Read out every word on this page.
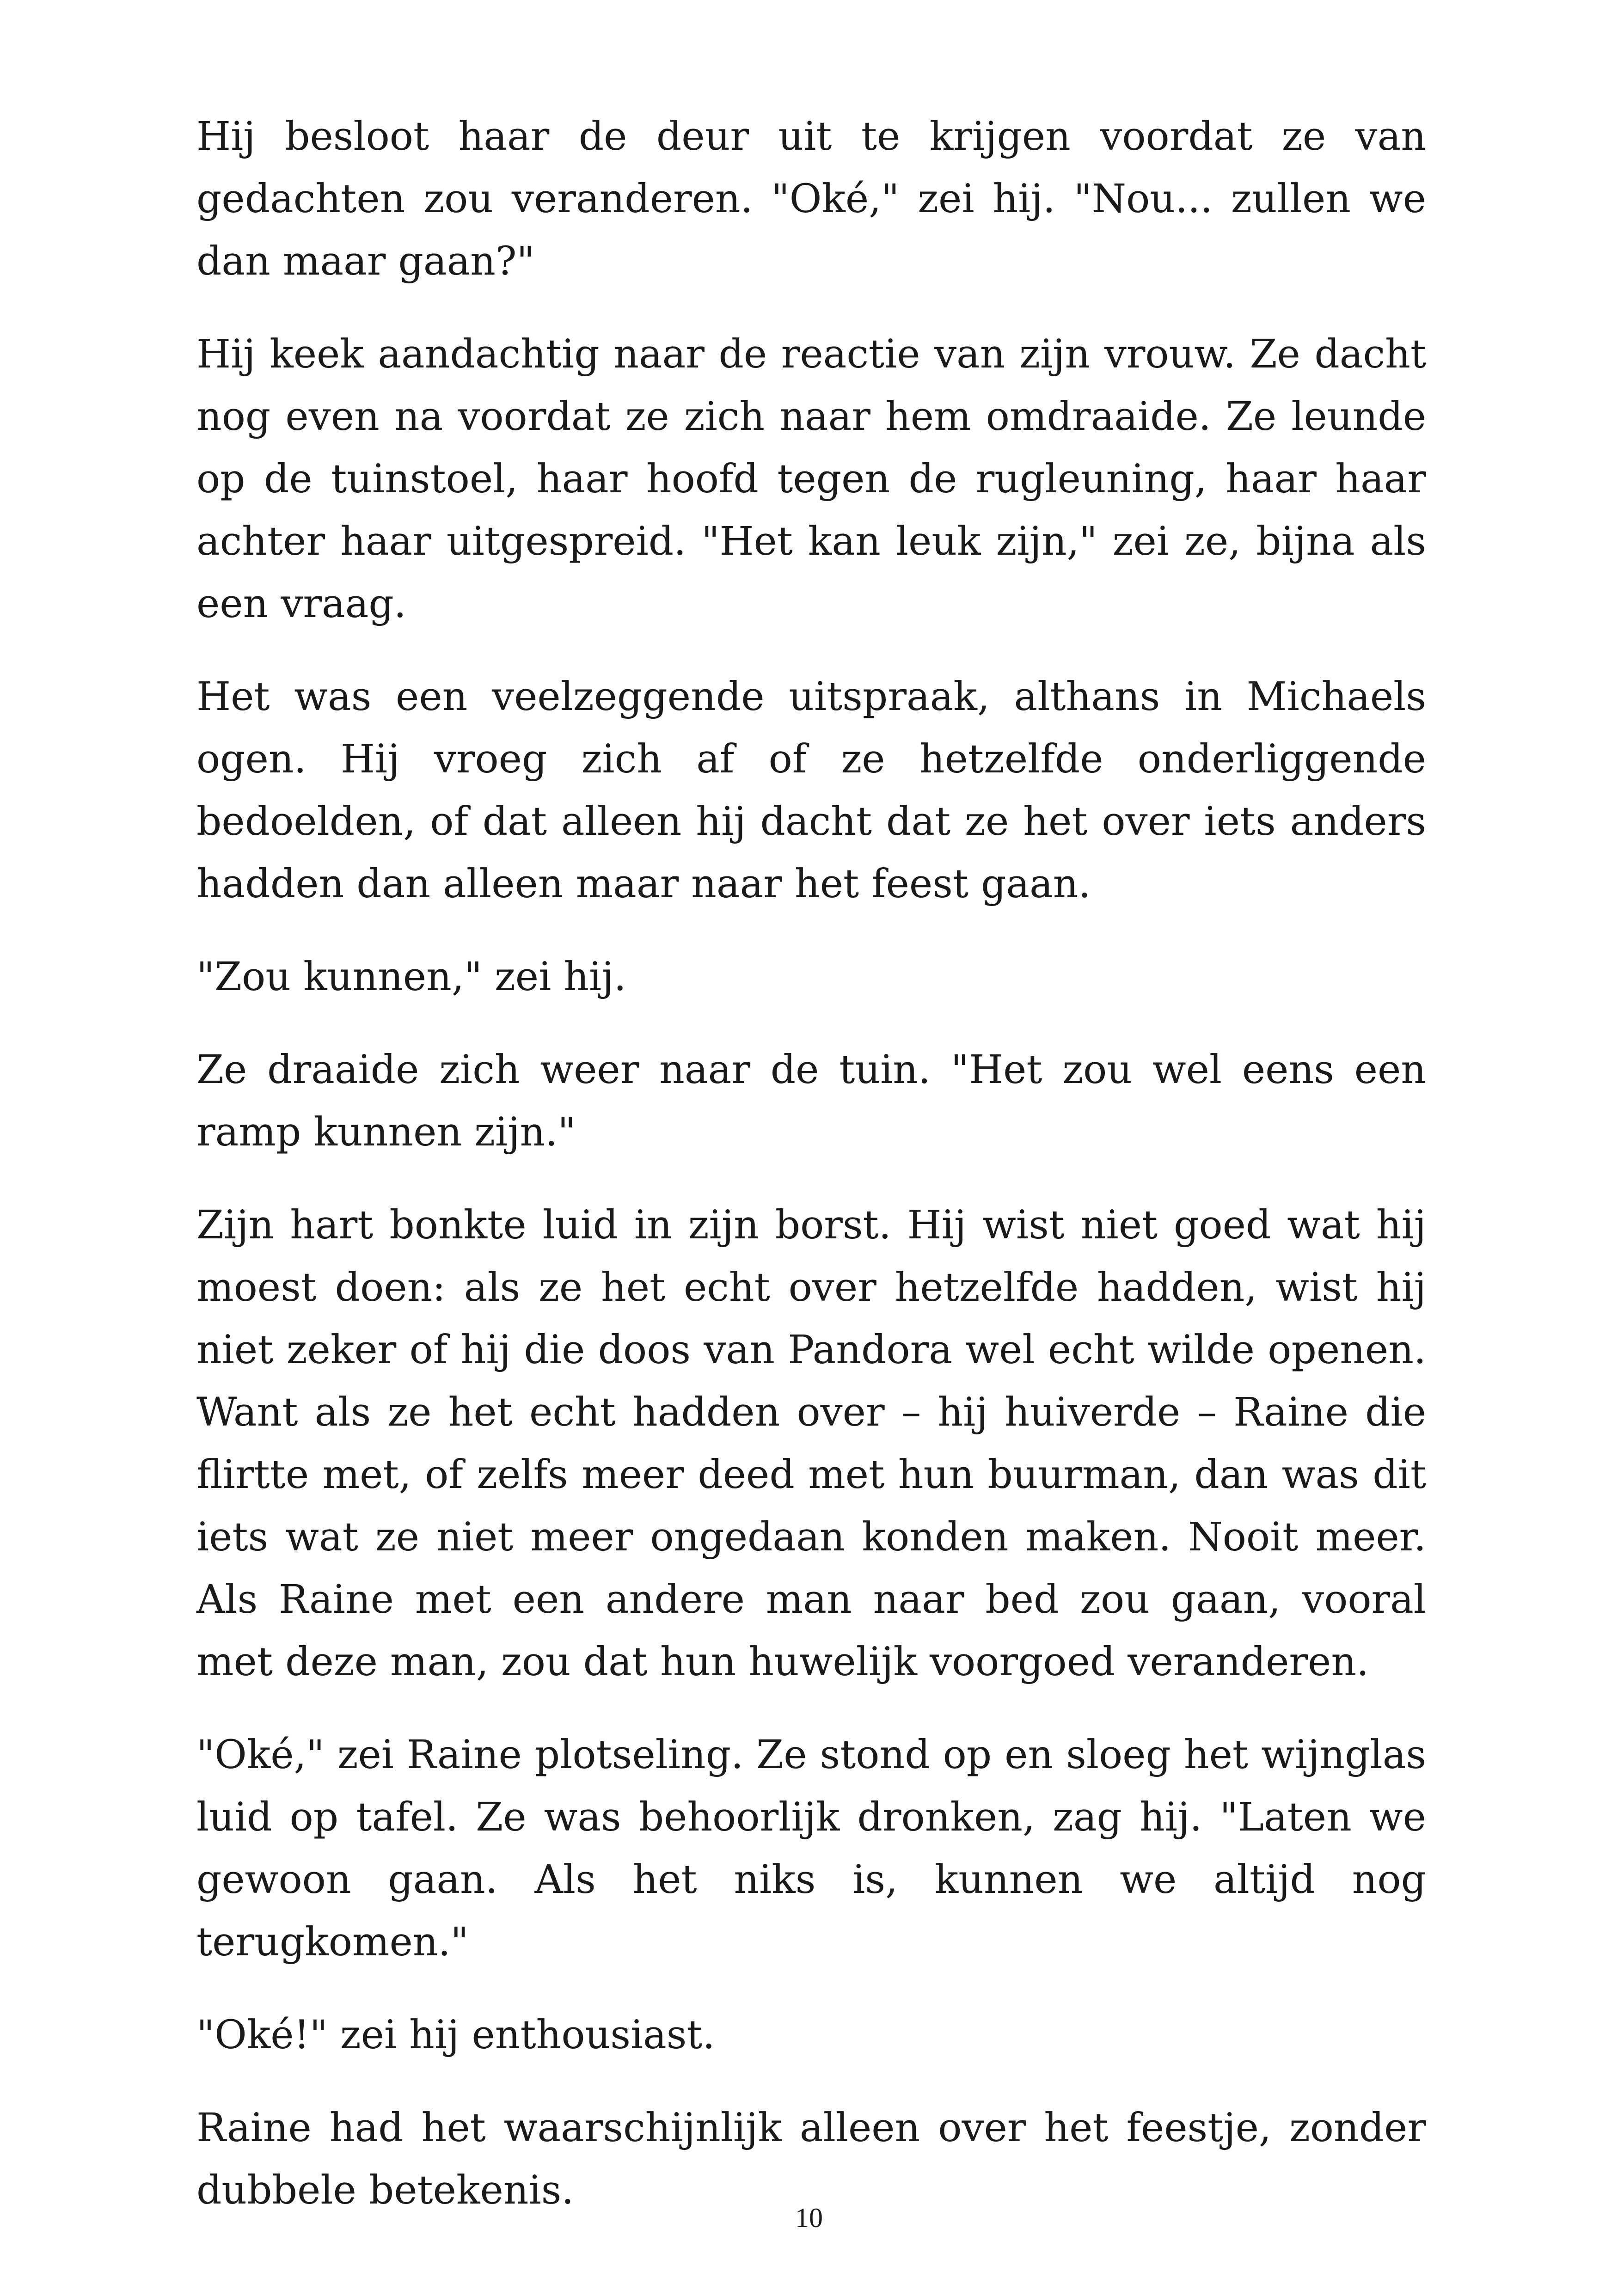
Hij besloot haar de deur uit te krijgen voordat ze van gedachten zou veranderen. "Oké," zei hij. "Nou... zullen we dan maar gaan?"

Hij keek aandachtig naar de reactie van zijn vrouw. Ze dacht nog even na voordat ze zich naar hem omdraaide. Ze leunde op de tuinstoel, haar hoofd tegen de rugleuning, haar haar achter haar uitgespreid. "Het kan leuk zijn," zei ze, bijna als een vraag.

Het was een veelzeggende uitspraak, althans in Michaels ogen. Hij vroeg zich af of ze hetzelfde onderliggende bedoelden, of dat alleen hij dacht dat ze het over iets anders hadden dan alleen maar naar het feest gaan.

"Zou kunnen," zei hij.

Ze draaide zich weer naar de tuin. "Het zou wel eens een ramp kunnen zijn."

Zijn hart bonkte luid in zijn borst. Hij wist niet goed wat hij moest doen: als ze het echt over hetzelfde hadden, wist hij niet zeker of hij die doos van Pandora wel echt wilde openen. Want als ze het echt hadden over – hij huiverde – Raine die flirtte met, of zelfs meer deed met hun buurman, dan was dit iets wat ze niet meer ongedaan konden maken. Nooit meer. Als Raine met een andere man naar bed zou gaan, vooral met deze man, zou dat hun huwelijk voorgoed veranderen.

"Oké," zei Raine plotseling. Ze stond op en sloeg het wijnglas luid op tafel. Ze was behoorlijk dronken, zag hij. "Laten we gewoon gaan. Als het niks is, kunnen we altijd nog terugkomen."

"Oké!" zei hij enthousiast.

Raine had het waarschijnlijk alleen over het feestje, zonder dubbele betekenis.

10
